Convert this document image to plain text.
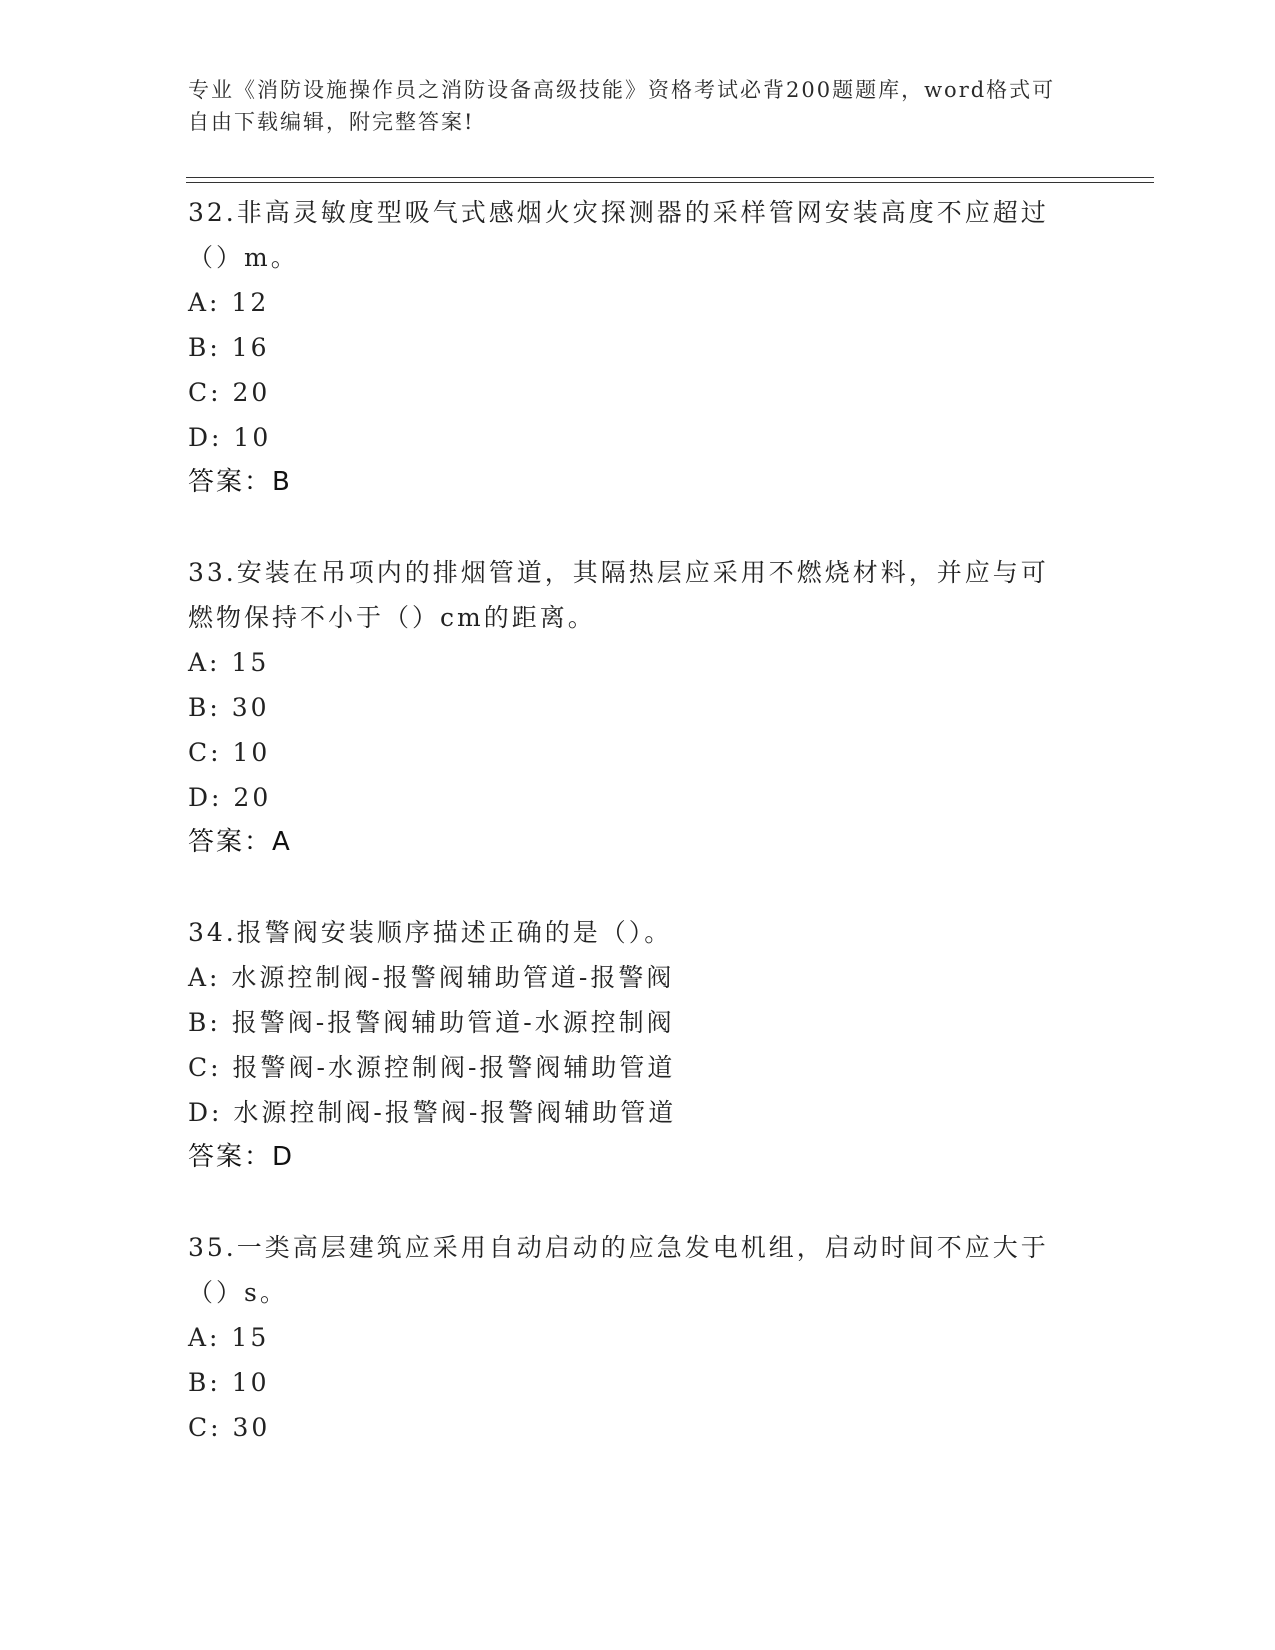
专业《消防设施操作员之消防设备高级技能》资格考试必背200题题库，word格式可自由下载编辑，附完整答案!

32.非高灵敏度型吸气式感烟火灾探测器的采样管网安装高度不应超过（）m。

A: 12

B: 16

C: 20

D: 10

答案：B

33.安装在吊项内的排烟管道，其隔热层应采用不燃烧材料，并应与可燃物保持不小于（）cm的距离。

A: 15

B: 30

C: 10

D: 20

答案：A

34.报警阀安装顺序描述正确的是（）。

A: 水源控制阀-报警阀辅助管道-报警阀

B: 报警阀-报警阀辅助管道-水源控制阀

C: 报警阀-水源控制阀-报警阀辅助管道

D: 水源控制阀-报警阀-报警阀辅助管道

答案：D

35.一类高层建筑应采用自动启动的应急发电机组，启动时间不应大于（）s。

A: 15

B: 10

C: 30
